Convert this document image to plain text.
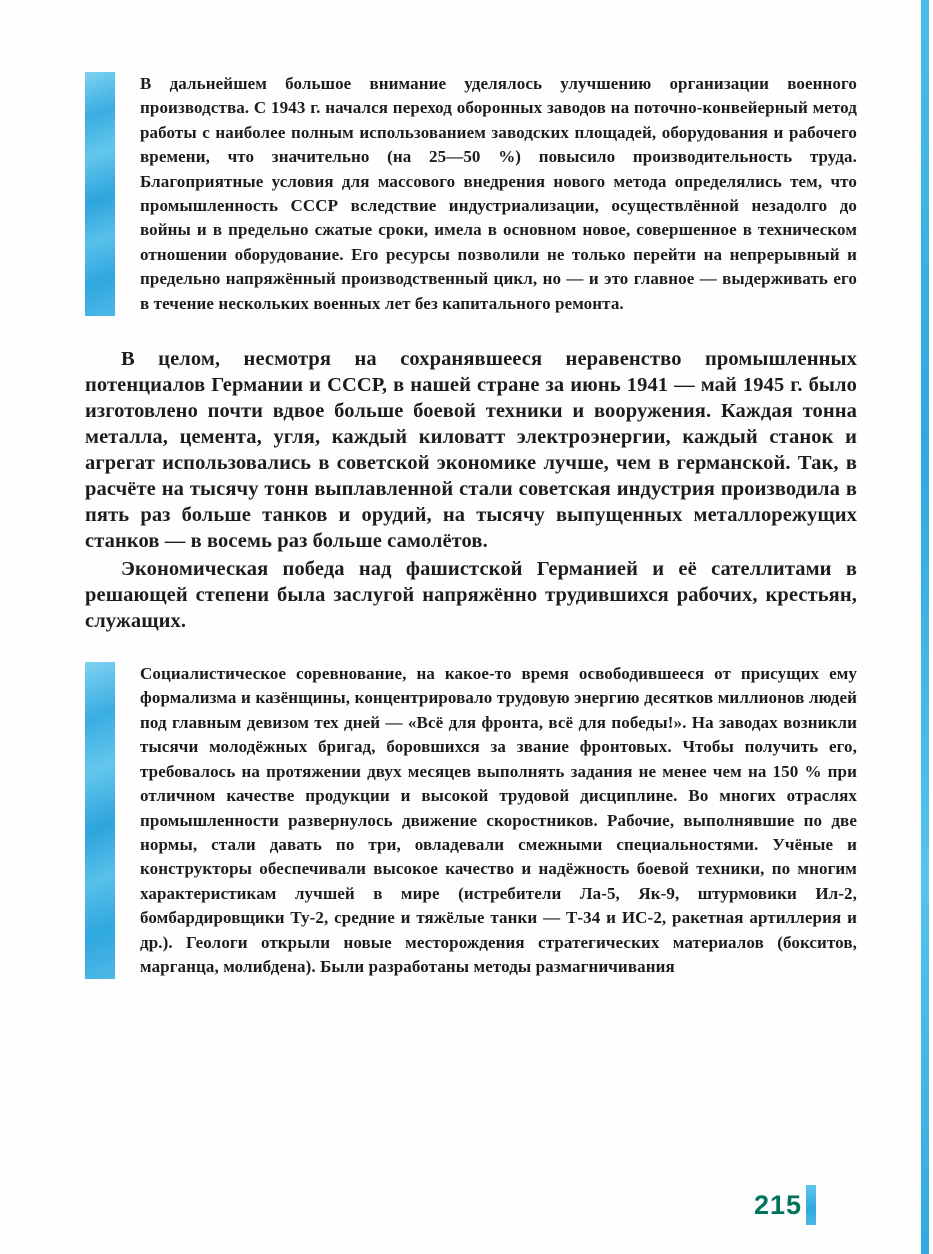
В дальнейшем большое внимание уделялось улучшению организации военного производства. С 1943 г. начался переход оборонных заводов на поточно-конвейерный метод работы с наиболее полным использованием заводских площадей, оборудования и рабочего времени, что значительно (на 25—50 %) повысило производительность труда. Благоприятные условия для массового внедрения нового метода определялись тем, что промышленность СССР вследствие индустриализации, осуществлённой незадолго до войны и в предельно сжатые сроки, имела в основном новое, совершенное в техническом отношении оборудование. Его ресурсы позволили не только перейти на непрерывный и предельно напряжённый производственный цикл, но — и это главное — выдерживать его в течение нескольких военных лет без капитального ремонта.

В целом, несмотря на сохранявшееся неравенство промышленных потенциалов Германии и СССР, в нашей стране за июнь 1941 — май 1945 г. было изготовлено почти вдвое больше боевой техники и вооружения. Каждая тонна металла, цемента, угля, каждый киловатт электроэнергии, каждый станок и агрегат использовались в советской экономике лучше, чем в германской. Так, в расчёте на тысячу тонн выплавленной стали советская индустрия производила в пять раз больше танков и орудий, на тысячу выпущенных металлорежущих станков — в восемь раз больше самолётов.

Экономическая победа над фашистской Германией и её сателлитами в решающей степени была заслугой напряжённо трудившихся рабочих, крестьян, служащих.

Социалистическое соревнование, на какое-то время освободившееся от присущих ему формализма и казёнщины, концентрировало трудовую энергию десятков миллионов людей под главным девизом тех дней — «Всё для фронта, всё для победы!». На заводах возникли тысячи молодёжных бригад, боровшихся за звание фронтовых. Чтобы получить его, требовалось на протяжении двух месяцев выполнять задания не менее чем на 150 % при отличном качестве продукции и высокой трудовой дисциплине. Во многих отраслях промышленности развернулось движение скоростников. Рабочие, выполнявшие по две нормы, стали давать по три, овладевали смежными специальностями. Учёные и конструкторы обеспечивали высокое качество и надёжность боевой техники, по многим характеристикам лучшей в мире (истребители Ла-5, Як-9, штурмовики Ил-2, бомбардировщики Ту-2, средние и тяжёлые танки — Т-34 и ИС-2, ракетная артиллерия и др.). Геологи открыли новые месторождения стратегических материалов (бокситов, марганца, молибдена). Были разработаны методы размагничивания

215
